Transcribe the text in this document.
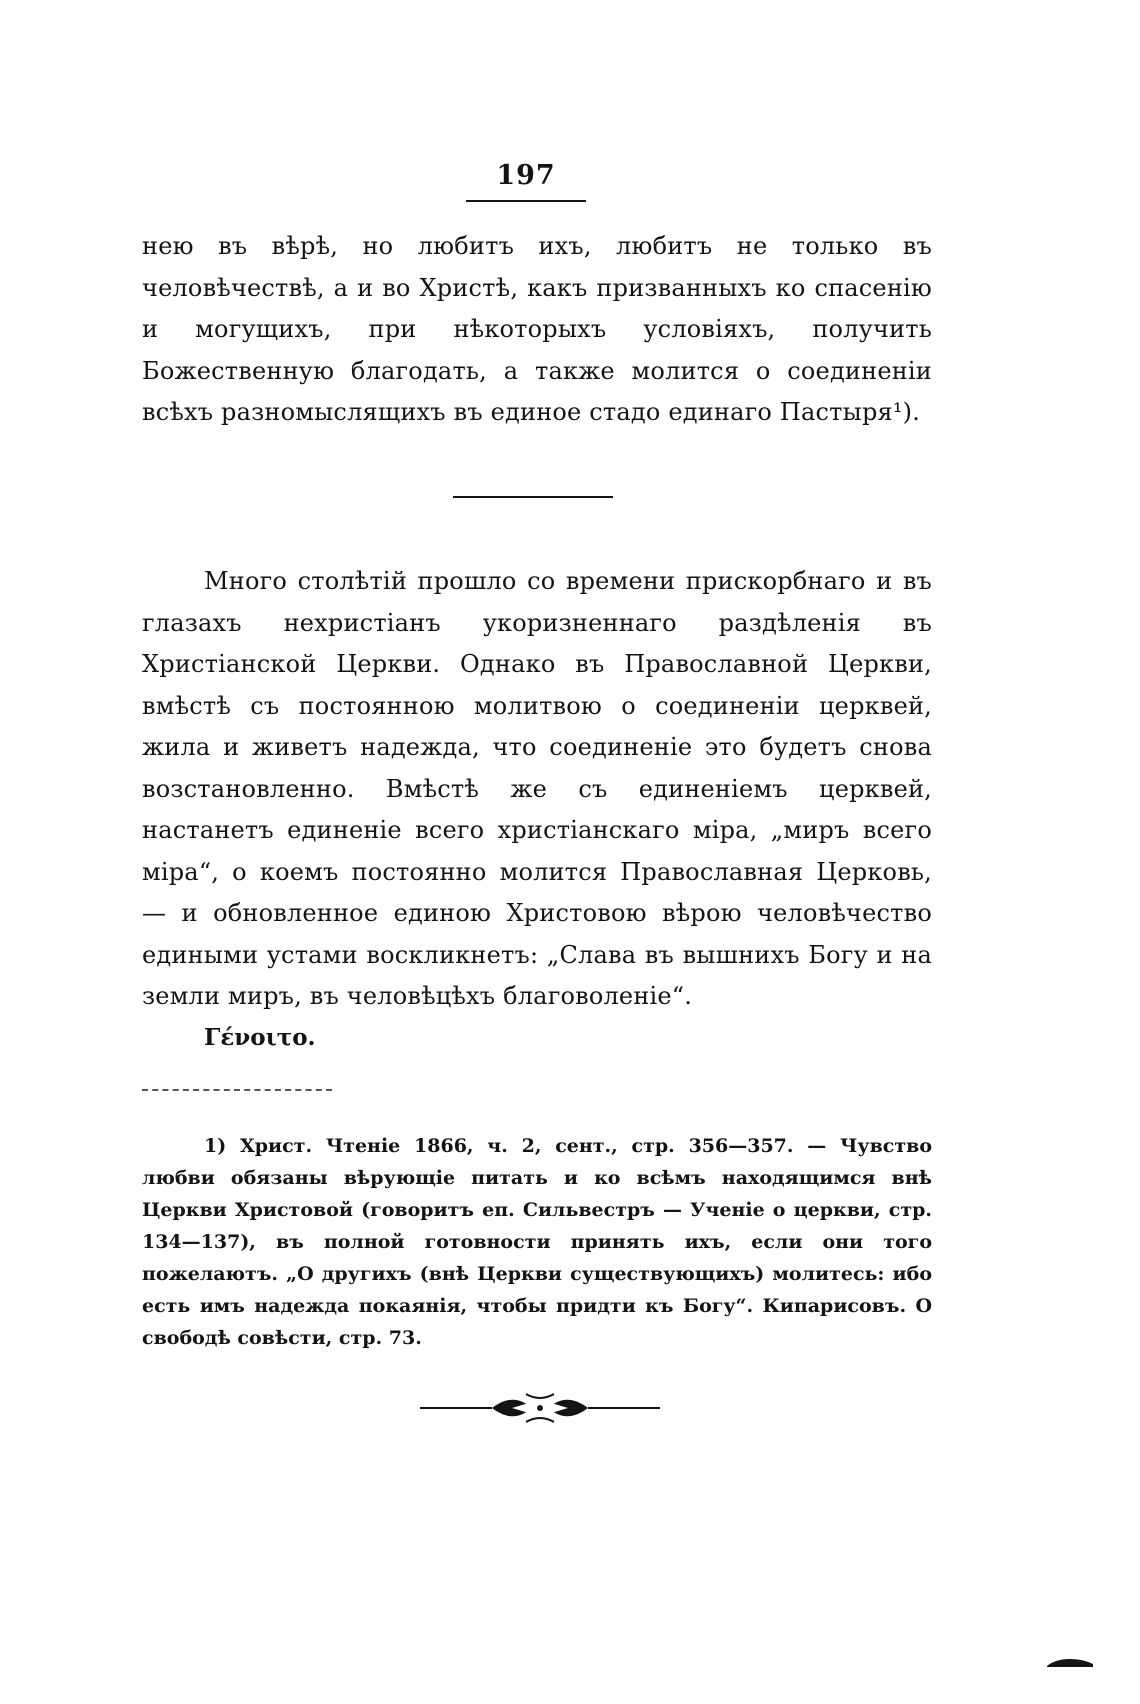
197

нею въ вѣрѣ, но любитъ ихъ, любитъ не только въ человѣчествѣ, а и во Христѣ, какъ призванныхъ ко спасенію и могущихъ, при нѣкоторыхъ условіяхъ, получить Божественную благодать, а также молится о соединеніи всѣхъ разномыслящихъ въ единое стадо единаго Пастыря¹).

Много столѣтій прошло со времени прискорбнаго и въ глазахъ нехристіанъ укоризненнаго раздѣленія въ Христіанской Церкви. Однако въ Православной Церкви, вмѣстѣ съ постоянною молитвою о соединеніи церквей, жила и живетъ надежда, что соединеніе это будетъ снова возстановленно. Вмѣстѣ же съ единеніемъ церквей, настанетъ единеніе всего христіанскаго міра, „миръ всего міра“, о коемъ постоянно молится Православная Церковь, — и обновленное единою Христовою вѣрою человѣчество едиными устами воскликнетъ: „Слава въ вышнихъ Богу и на земли миръ, въ человѣцѣхъ благоволеніе“.

Γένοιτο.

1) Христ. Чтеніе 1866, ч. 2, сент., стр. 356—357. — Чувство любви обязаны вѣрующіе питать и ко всѣмъ находящимся внѣ Церкви Христовой (говоритъ еп. Сильвестръ — Ученіе о церкви, стр. 134—137), въ полной готовности принять ихъ, если они того пожелаютъ. „О другихъ (внѣ Церкви существующихъ) молитесь: ибо есть имъ надежда покаянія, чтобы придти къ Богу“. Кипарисовъ. О свободѣ совѣсти, стр. 73.
